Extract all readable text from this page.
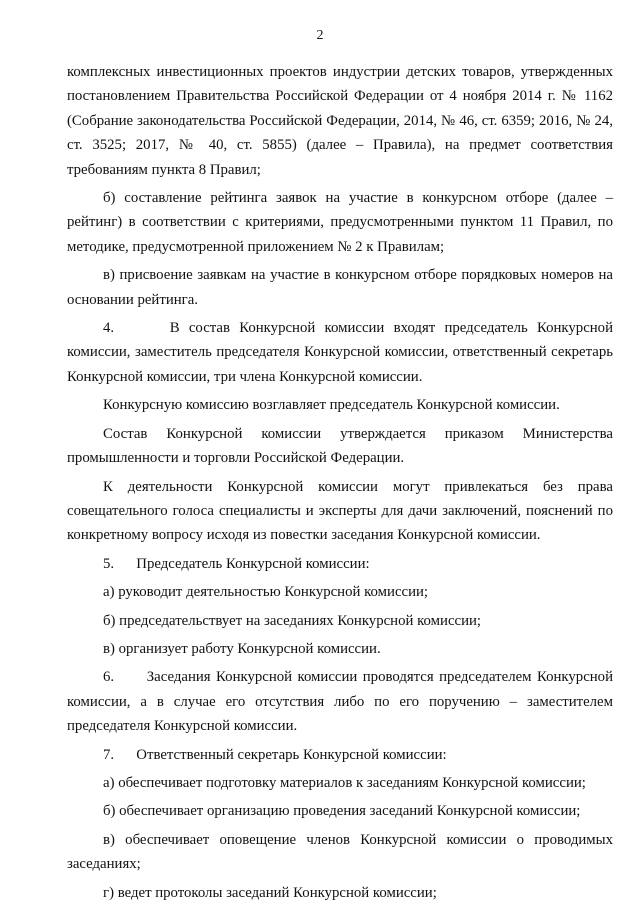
2

комплексных инвестиционных проектов индустрии детских товаров, утвержденных постановлением Правительства Российской Федерации от 4 ноября 2014 г. № 1162 (Собрание законодательства Российской Федерации, 2014, № 46, ст. 6359; 2016, № 24, ст. 3525; 2017, № 40, ст. 5855) (далее – Правила), на предмет соответствия требованиям пункта 8 Правил;

б) составление рейтинга заявок на участие в конкурсном отборе (далее – рейтинг) в соответствии с критериями, предусмотренными пунктом 11 Правил, по методике, предусмотренной приложением № 2 к Правилам;

в) присвоение заявкам на участие в конкурсном отборе порядковых номеров на основании рейтинга.

4.      В состав Конкурсной комиссии входят председатель Конкурсной комиссии, заместитель председателя Конкурсной комиссии, ответственный секретарь Конкурсной комиссии, три члена Конкурсной комиссии.

Конкурсную комиссию возглавляет председатель Конкурсной комиссии.

Состав Конкурсной комиссии утверждается приказом Министерства промышленности и торговли Российской Федерации.

К деятельности Конкурсной комиссии могут привлекаться без права совещательного голоса специалисты и эксперты для дачи заключений, пояснений по конкретному вопросу исходя из повестки заседания Конкурсной комиссии.

5.      Председатель Конкурсной комиссии:

а) руководит деятельностью Конкурсной комиссии;

б) председательствует на заседаниях Конкурсной комиссии;

в) организует работу Конкурсной комиссии.

6.      Заседания Конкурсной комиссии проводятся председателем Конкурсной комиссии, а в случае его отсутствия либо по его поручению – заместителем председателя Конкурсной комиссии.

7.      Ответственный секретарь Конкурсной комиссии:

а) обеспечивает подготовку материалов к заседаниям Конкурсной комиссии;

б) обеспечивает организацию проведения заседаний Конкурсной комиссии;

в) обеспечивает оповещение членов Конкурсной комиссии о проводимых заседаниях;

г) ведет протоколы заседаний Конкурсной комиссии;
